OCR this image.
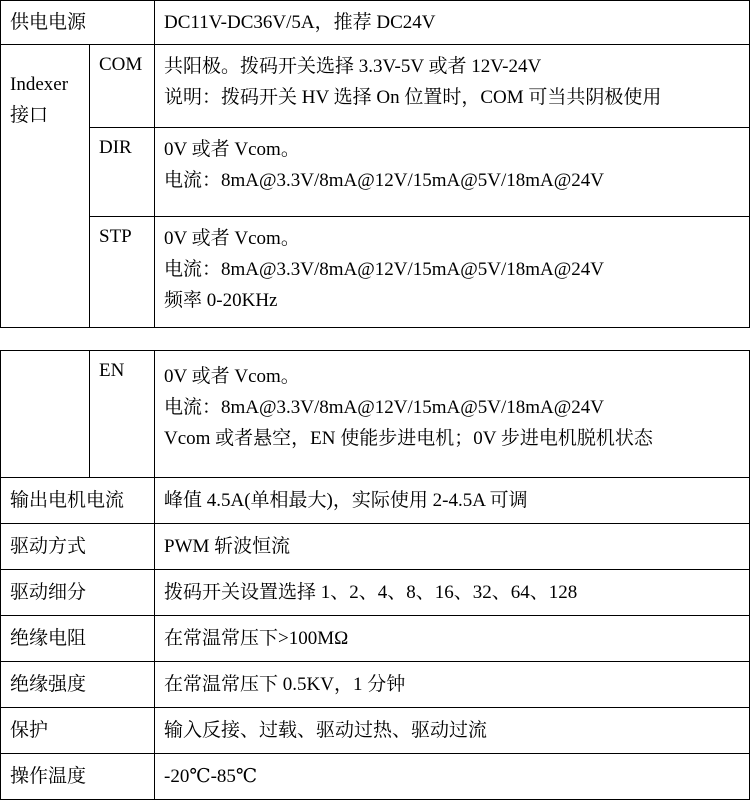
供电电源		DC11V-DC36V/5A，推荐 DC24V

Indexer
接口	COM	共阳极。拨码开关选择 3.3V-5V 或者 12V-24V
说明：拨码开关 HV 选择 On 位置时，COM 可当共阴极使用

	DIR	0V 或者 Vcom。
电流：8mA@3.3V/8mA@12V/15mA@5V/18mA@24V

	STP	0V 或者 Vcom。
电流：8mA@3.3V/8mA@12V/15mA@5V/18mA@24V
频率 0-20KHz
	EN	0V 或者 Vcom。
电流：8mA@3.3V/8mA@12V/15mA@5V/18mA@24V
Vcom 或者悬空，EN 使能步进电机；0V 步进电机脱机状态

输出电机电流		峰值 4.5A(单相最大)，实际使用 2-4.5A 可调
驱动方式		PWM 斩波恒流
驱动细分		拨码开关设置选择 1、2、4、8、16、32、64、128
绝缘电阻		在常温常压下>100MΩ
绝缘强度		在常温常压下 0.5KV，1 分钟
保护		输入反接、过载、驱动过热、驱动过流
操作温度		-20℃-85℃
